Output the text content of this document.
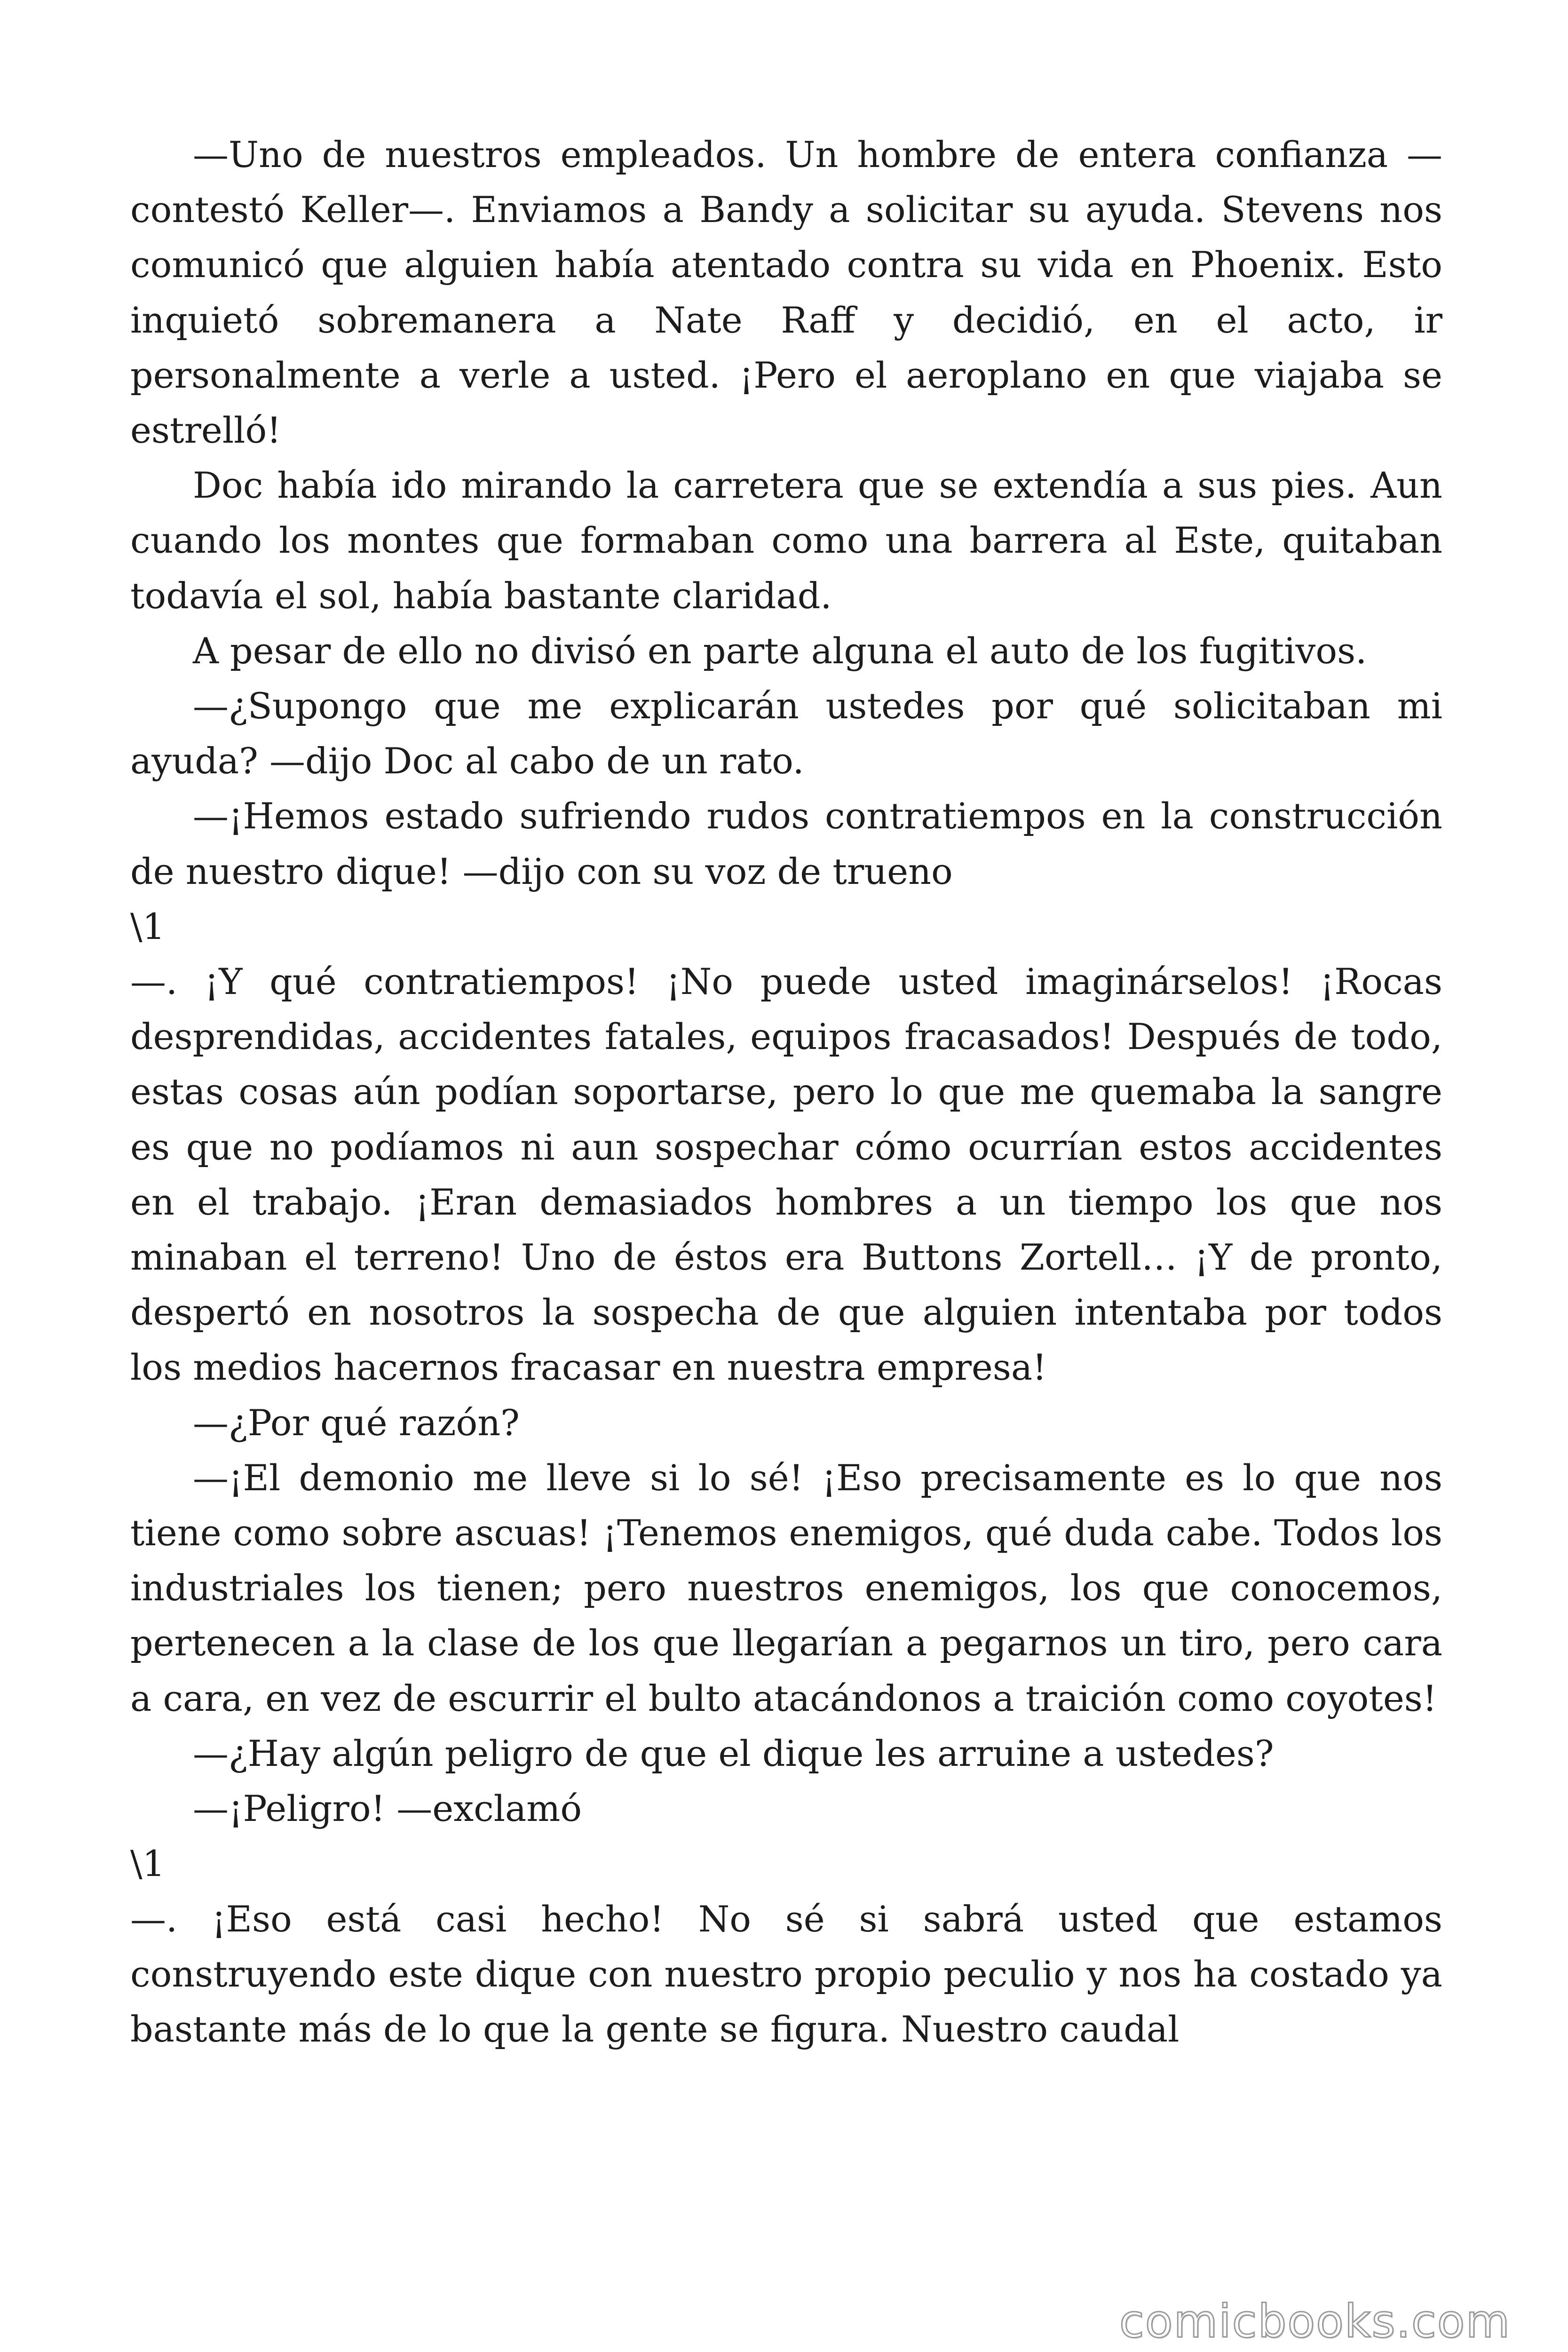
—Uno de nuestros empleados. Un hombre de entera confianza —contestó Keller—. Enviamos a Bandy a solicitar su ayuda. Stevens nos comunicó que alguien había atentado contra su vida en Phoenix. Esto inquietó sobremanera a Nate Raff y decidió, en el acto, ir personalmente a verle a usted. ¡Pero el aeroplano en que viajaba se estrelló!

Doc había ido mirando la carretera que se extendía a sus pies. Aun cuando los montes que formaban como una barrera al Este, quitaban todavía el sol, había bastante claridad.

A pesar de ello no divisó en parte alguna el auto de los fugitivos.

—¿Supongo que me explicarán ustedes por qué solicitaban mi ayuda? —dijo Doc al cabo de un rato.

—¡Hemos estado sufriendo rudos contratiempos en la construcción de nuestro dique! —dijo con su voz de trueno

\1

—. ¡Y qué contratiempos! ¡No puede usted imaginárselos! ¡Rocas desprendidas, accidentes fatales, equipos fracasados! Después de todo, estas cosas aún podían soportarse, pero lo que me quemaba la sangre es que no podíamos ni aun sospechar cómo ocurrían estos accidentes en el trabajo. ¡Eran demasiados hombres a un tiempo los que nos minaban el terreno! Uno de éstos era Buttons Zortell… ¡Y de pronto, despertó en nosotros la sospecha de que alguien intentaba por todos los medios hacernos fracasar en nuestra empresa!

—¿Por qué razón?

—¡El demonio me lleve si lo sé! ¡Eso precisamente es lo que nos tiene como sobre ascuas! ¡Tenemos enemigos, qué duda cabe. Todos los industriales los tienen; pero nuestros enemigos, los que conocemos, pertenecen a la clase de los que llegarían a pegarnos un tiro, pero cara a cara, en vez de escurrir el bulto atacándonos a traición como coyotes!

—¿Hay algún peligro de que el dique les arruine a ustedes?

—¡Peligro! —exclamó

\1

—. ¡Eso está casi hecho! No sé si sabrá usted que estamos construyendo este dique con nuestro propio peculio y nos ha costado ya bastante más de lo que la gente se figura. Nuestro caudal

comicbooks.com
